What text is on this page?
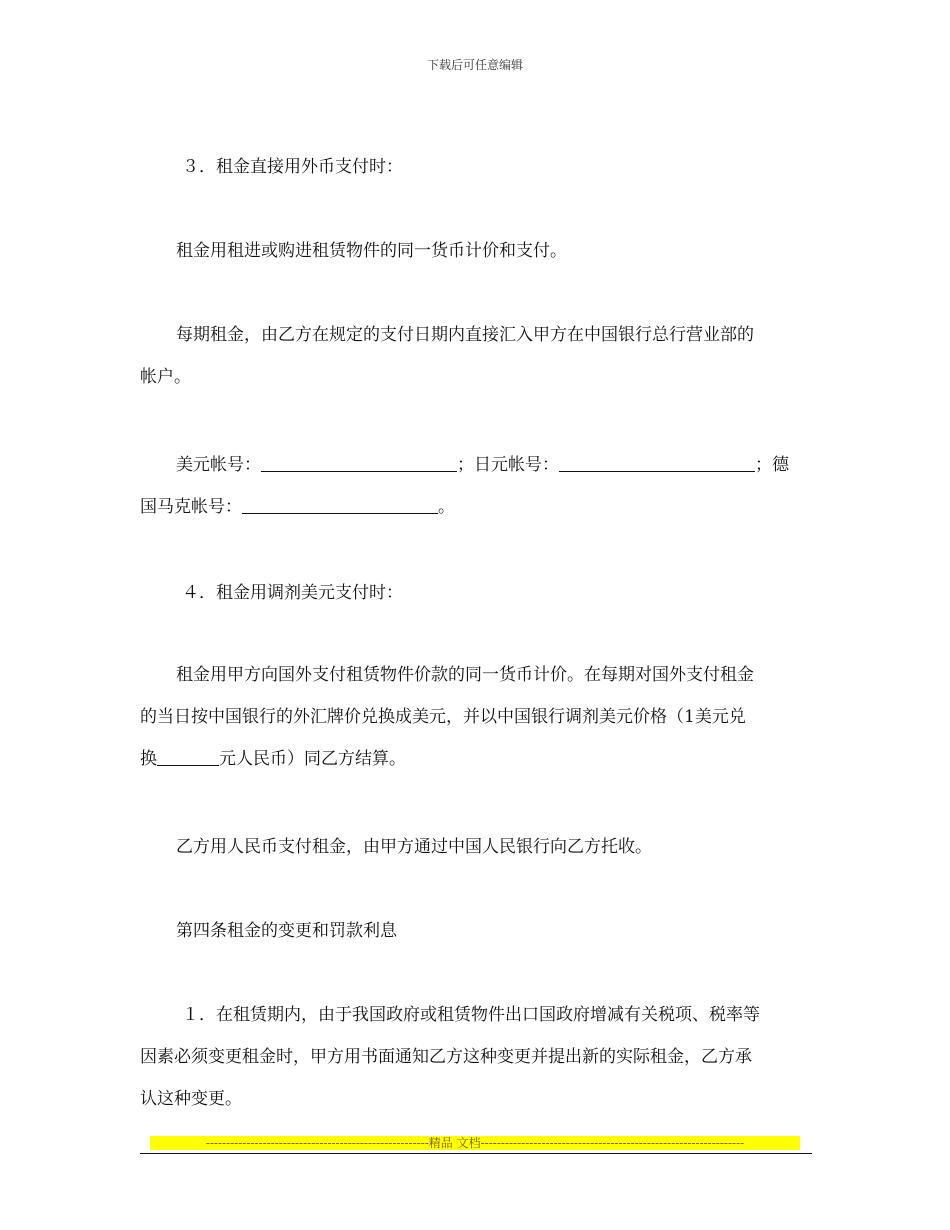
下载后可任意编辑

３．租金直接用外币支付时：

租金用租进或购进租赁物件的同一货币计价和支付。

每期租金，由乙方在规定的支付日期内直接汇入甲方在中国银行总行营业部的
帐户。

美元帐号：	；日元帐号：	；德
国马克帐号：	。

４．租金用调剂美元支付时：

租金用甲方向国外支付租赁物件价款的同一货币计价。在每期对国外支付租金
的当日按中国银行的外汇牌价兑换成美元，并以中国银行调剂美元价格（1美元兑
换	元人民币）同乙方结算。

乙方用人民币支付租金，由甲方通过中国人民银行向乙方托收。

第四条租金的变更和罚款利息

１．在租赁期内，由于我国政府或租赁物件出口国政府增减有关税项、税率等
因素必须变更租金时，甲方用书面通知乙方这种变更并提出新的实际租金，乙方承
认这种变更。

-------------------------------------------------------精品 文档-----------------------------------------------------------------
